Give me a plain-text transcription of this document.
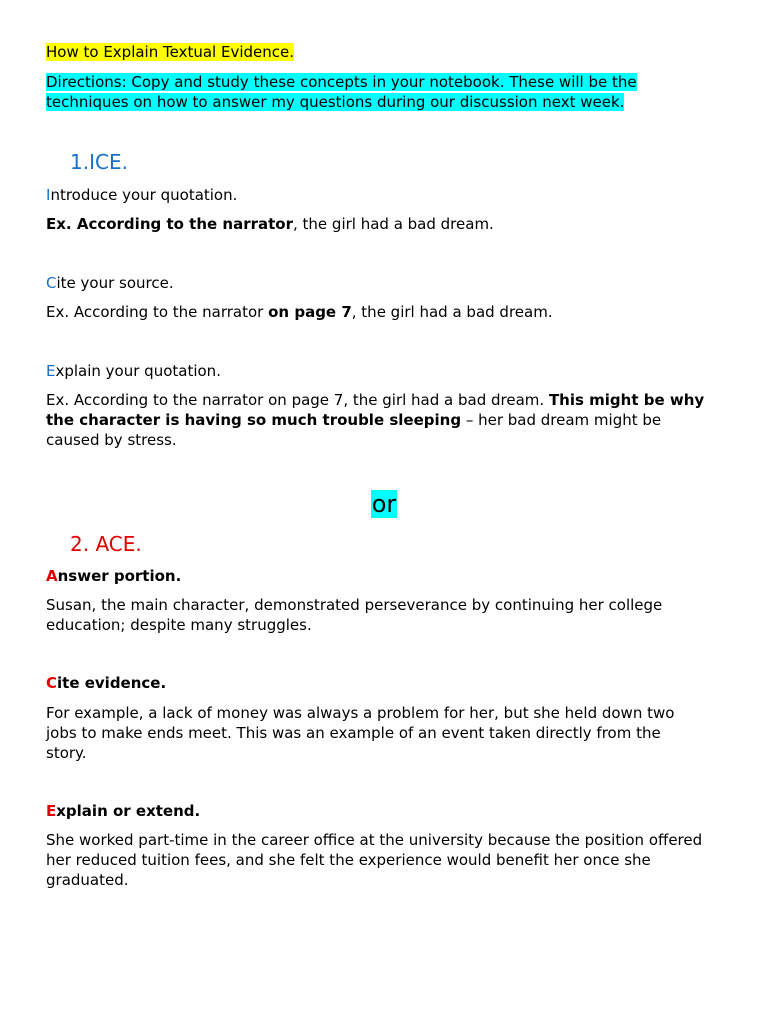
How to Explain Textual Evidence.
Directions: Copy and study these concepts in your notebook. These will be the techniques on how to answer my questions during our discussion next week.
1.ICE.
Introduce your quotation.
Ex. According to the narrator, the girl had a bad dream.
Cite your source.
Ex. According to the narrator on page 7, the girl had a bad dream.
Explain your quotation.
Ex. According to the narrator on page 7, the girl had a bad dream. This might be why the character is having so much trouble sleeping – her bad dream might be caused by stress.
or
2. ACE.
Answer portion.
Susan, the main character, demonstrated perseverance by continuing her college education; despite many struggles.
Cite evidence.
For example, a lack of money was always a problem for her, but she held down two jobs to make ends meet. This was an example of an event taken directly from the story.
Explain or extend.
She worked part-time in the career office at the university because the position offered her reduced tuition fees, and she felt the experience would benefit her once she graduated.
